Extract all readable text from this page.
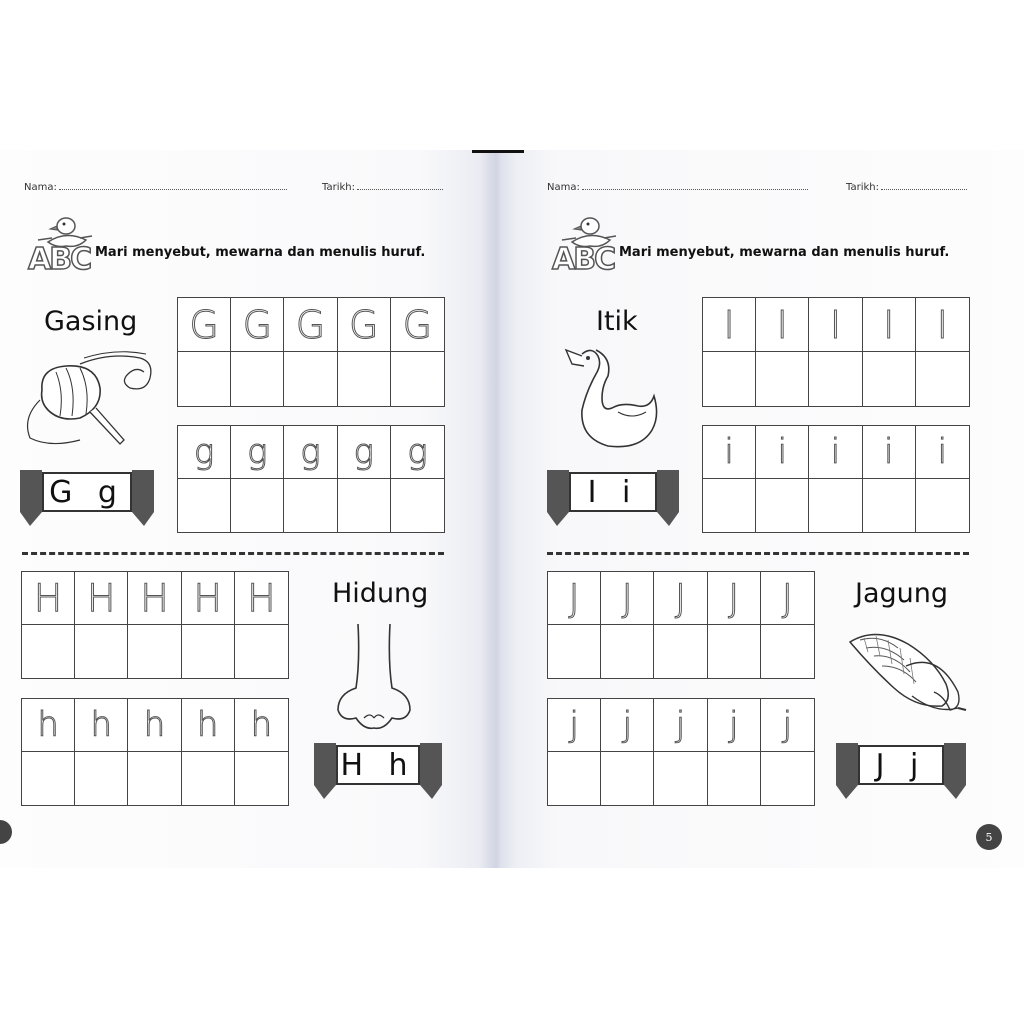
Nama:	Tarikh:
ABC Mari menyebut, mewarna dan menulis huruf.
Gasing
G g
G G G G G
g g g g g
H H H H H
h h h h h
Hidung
H h
Nama:	Tarikh:
ABC Mari menyebut, mewarna dan menulis huruf.
Itik
I i
I I I I I
i i i i i
J J J J J
j j j j j
Jagung
J j
5
